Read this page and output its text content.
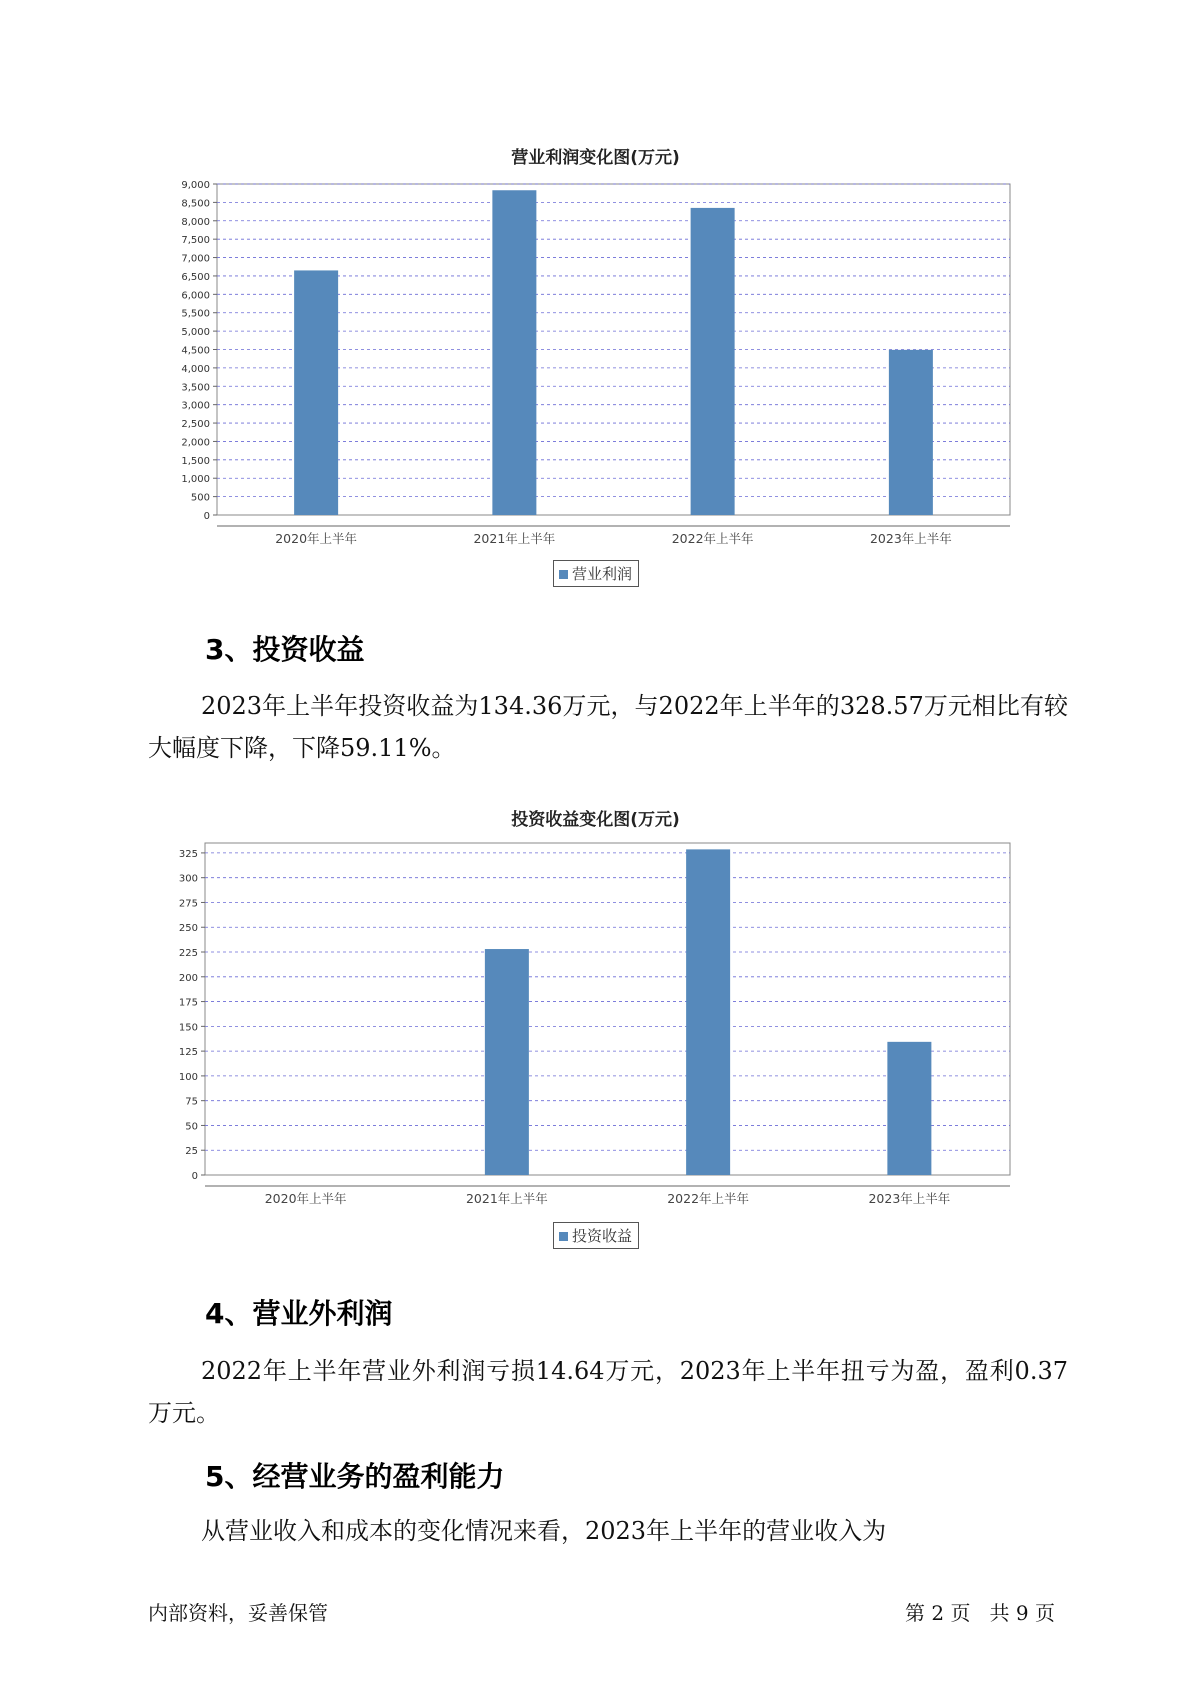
营业利润变化图(万元)
0
500
1,000
1,500
2,000
2,500
3,000
3,500
4,000
4,500
5,000
5,500
6,000
6,500
7,000
7,500
8,000
8,500
9,000
2020年上半年	2021年上半年	2022年上半年	2023年上半年
营业利润
3、投资收益
2023年上半年投资收益为134.36万元，与2022年上半年的328.57万元相比有较大幅度下降，下降59.11%。
投资收益变化图(万元)
0
25
50
75
100
125
150
175
200
225
250
275
300
325
2020年上半年	2021年上半年	2022年上半年	2023年上半年
投资收益
4、营业外利润
2022年上半年营业外利润亏损14.64万元，2023年上半年扭亏为盈，盈利0.37万元。
5、经营业务的盈利能力
从营业收入和成本的变化情况来看，2023年上半年的营业收入为
内部资料，妥善保管	第 2 页   共 9 页
